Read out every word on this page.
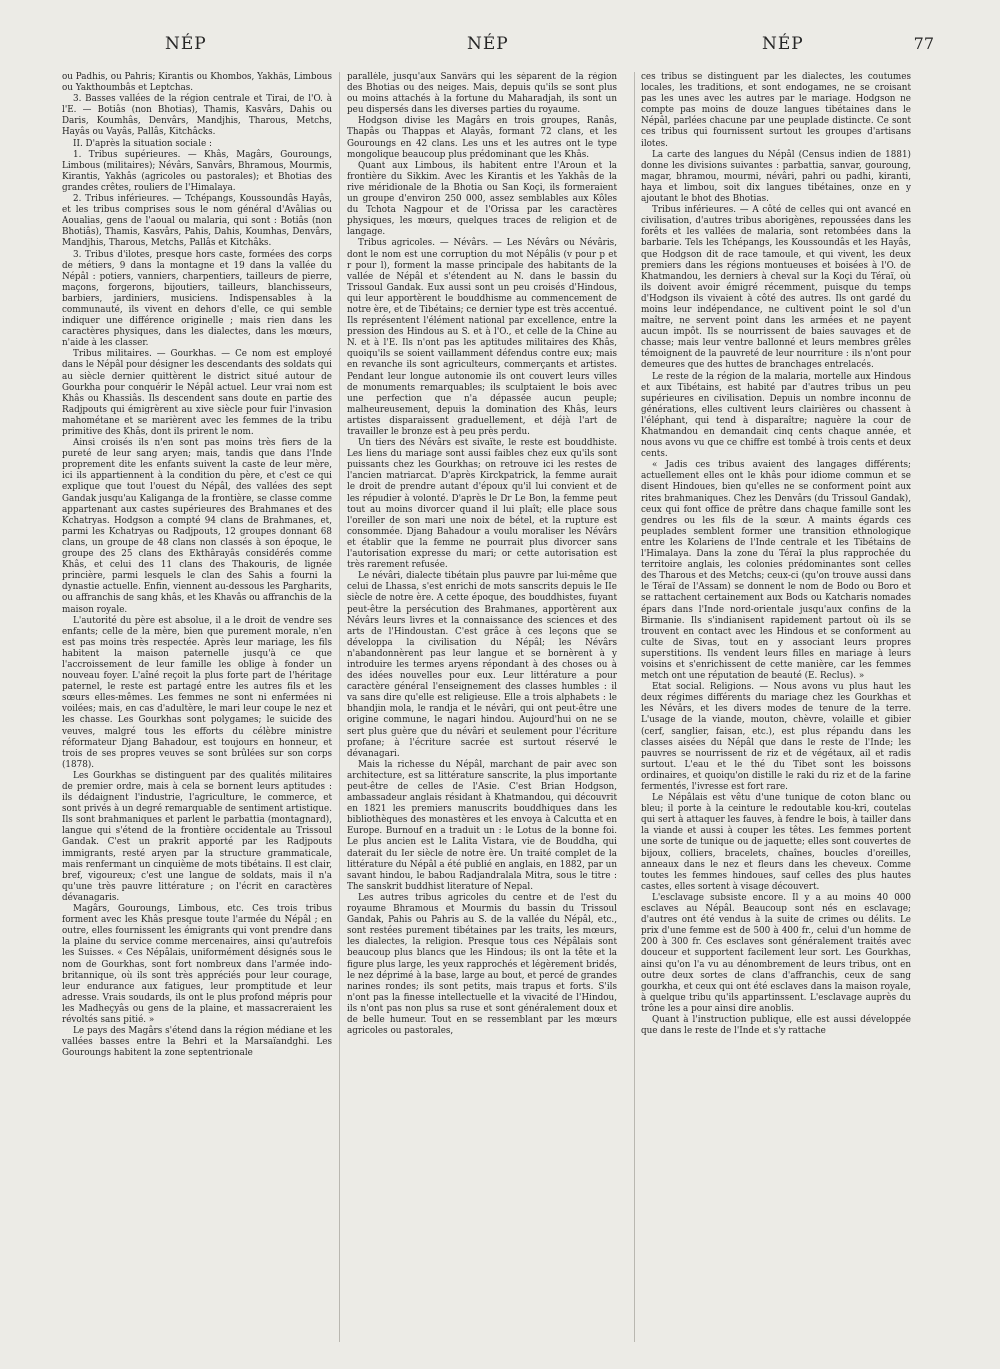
NÉP	NÉP	NÉP	77

ou Padhis, ou Pahris; Kirantis ou Khombos, Yakhâs, Limbous ou Yakthoumbâs et Leptchas.

3. Basses vallées de la région centrale et Tirai, de l'O. à l'E. — Botiâs (non Bhotias), Thamis, Kasvârs, Dahis ou Daris, Koumhâs, Denvârs, Mandjhis, Tharous, Metchs, Hayâs ou Vayâs, Pallâs, Kitchâcks.

II. D'après la situation sociale :

1. Tribus supérieures. — Khâs, Magârs, Gouroungs, Limbous (militaires); Névârs, Sanvârs, Bhramous, Mourmis, Kirantis, Yakhâs (agricoles ou pastorales); et Bhotias des grandes crêtes, rouliers de l'Himalaya.

2. Tribus inférieures. — Tchépangs, Koussoundâs Hayâs, et les tribus comprises sous le nom général d'Avâlias ou Aoualias, gens de l'aoual ou malaria, qui sont : Botiâs (non Bhotiâs), Thamis, Kasvârs, Pahis, Dahis, Koumhas, Denvârs, Mandjhis, Tharous, Metchs, Pallâs et Kitchâks.

3. Tribus d'ilotes, presque hors caste, formées des corps de métiers, 9 dans la montagne et 19 dans la vallée du Népâl : potiers, vanniers, charpentiers, tailleurs de pierre, maçons, forgerons, bijoutiers, tailleurs, blanchisseurs, barbiers, jardiniers, musiciens. Indispensables à la communauté, ils vivent en dehors d'elle, ce qui semble indiquer une différence originelle ; mais rien dans les caractères physiques, dans les dialectes, dans les mœurs, n'aide à les classer.

Tribus militaires. — Gourkhas. — Ce nom est employé dans le Népâl pour désigner les descendants des soldats qui au siècle dernier quittèrent le district situé autour de Gourkha pour conquérir le Népâl actuel. Leur vrai nom est Khâs ou Khassiâs. Ils descendent sans doute en partie des Radjpouts qui émigrèrent au xive siècle pour fuir l'invasion mahométane et se marièrent avec les femmes de la tribu primitive des Khâs, dont ils prirent le nom.

Ainsi croisés ils n'en sont pas moins très fiers de la pureté de leur sang aryen; mais, tandis que dans l'Inde proprement dite les enfants suivent la caste de leur mère, ici ils appartiennent à la condition du père, et c'est ce qui explique que tout l'ouest du Népâl, des vallées des sept Gandak jusqu'au Kaliganga de la frontière, se classe comme appartenant aux castes supérieures des Brahmanes et des Kchatryas. Hodgson a compté 94 clans de Brahmanes, et, parmi les Kchatryas ou Radjpouts, 12 groupes donnant 68 clans, un groupe de 48 clans non classés à son époque, le groupe des 25 clans des Ekthârayâs considérés comme Khâs, et celui des 11 clans des Thakouris, de lignée princière, parmi lesquels le clan des Sahis a fourni la dynastie actuelle. Enfin, viennent au-dessous les Pargharits, ou affranchis de sang khâs, et les Khavâs ou affranchis de la maison royale.

L'autorité du père est absolue, il a le droit de vendre ses enfants; celle de la mère, bien que purement morale, n'en est pas moins très respectée. Après leur mariage, les fils habitent la maison paternelle jusqu'à ce que l'accroissement de leur famille les oblige à fonder un nouveau foyer. L'aîné reçoit la plus forte part de l'héritage paternel, le reste est partagé entre les autres fils et les sœurs elles-mêmes. Les femmes ne sont ni enfermées ni voilées; mais, en cas d'adultère, le mari leur coupe le nez et les chasse. Les Gourkhas sont polygames; le suicide des veuves, malgré tous les efforts du célèbre ministre réformateur Djang Bahadour, est toujours en honneur, et trois de ses propres veuves se sont brûlées sur son corps (1878).

Les Gourkhas se distinguent par des qualités militaires de premier ordre, mais à cela se bornent leurs aptitudes : ils dédaignent l'industrie, l'agriculture, le commerce, et sont privés à un degré remarquable de sentiment artistique. Ils sont brahmaniques et parlent le parbattia (montagnard), langue qui s'étend de la frontière occidentale au Trissoul Gandak. C'est un prakrit apporté par les Radjpouts immigrants, resté aryen par la structure grammaticale, mais renfermant un cinquième de mots tibétains. Il est clair, bref, vigoureux; c'est une langue de soldats, mais il n'a qu'une très pauvre littérature ; on l'écrit en caractères dévanagaris.

Magârs, Gouroungs, Limbous, etc. Ces trois tribus forment avec les Khâs presque toute l'armée du Népâl ; en outre, elles fournissent les émigrants qui vont prendre dans la plaine du service comme mercenaires, ainsi qu'autrefois les Suisses. « Ces Népâlais, uniformément désignés sous le nom de Gourkhas, sont fort nombreux dans l'armée indo-britannique, où ils sont très appréciés pour leur courage, leur endurance aux fatigues, leur promptitude et leur adresse. Vrais soudards, ils ont le plus profond mépris pour les Madheçyâs ou gens de la plaine, et massacreraient les révoltés sans pitié. »

Le pays des Magârs s'étend dans la région médiane et les vallées basses entre la Behri et la Marsaïandghi. Les Gouroungs habitent la zone septentrionale

parallèle, jusqu'aux Sanvârs qui les séparent de la région des Bhotias ou des neiges. Mais, depuis qu'ils se sont plus ou moins attachés à la fortune du Maharadjah, ils sont un peu dispersés dans les diverses parties du royaume.

Hodgson divise les Magârs en trois groupes, Ranâs, Thapâs ou Thappas et Alayâs, formant 72 clans, et les Gouroungs en 42 clans. Les uns et les autres ont le type mongolique beaucoup plus prédominant que les Khâs.

Quant aux Limbous, ils habitent entre l'Aroun et la frontière du Sikkim. Avec les Kirantis et les Yakhâs de la rive méridionale de la Bhotia ou San Koçi, ils formeraient un groupe d'environ 250 000, assez semblables aux Kôles du Tchota Nagpour et de l'Orissa par les caractères physiques, les mœurs, quelques traces de religion et de langage.

Tribus agricoles. — Névârs. — Les Névârs ou Névâris, dont le nom est une corruption du mot Népâlis (v pour p et r pour l), forment la masse principale des habitants de la vallée de Népâl et s'étendent au N. dans le bassin du Trissoul Gandak. Eux aussi sont un peu croisés d'Hindous, qui leur apportèrent le bouddhisme au commencement de notre ère, et de Tibétains; ce dernier type est très accentué. Ils représentent l'élément national par excellence, entre la pression des Hindous au S. et à l'O., et celle de la Chine au N. et à l'E. Ils n'ont pas les aptitudes militaires des Khâs, quoiqu'ils se soient vaillamment défendus contre eux; mais en revanche ils sont agriculteurs, commerçants et artistes. Pendant leur longue autonomie ils ont couvert leurs villes de monuments remarquables; ils sculptaient le bois avec une perfection que n'a dépassée aucun peuple; malheureusement, depuis la domination des Khâs, leurs artistes disparaissent graduellement, et déjà l'art de travailler le bronze est à peu près perdu.

Un tiers des Névârs est sivaïte, le reste est bouddhiste. Les liens du mariage sont aussi faibles chez eux qu'ils sont puissants chez les Gourkhas; on retrouve ici les restes de l'ancien matriarcat. D'après Kirckpatrick, la femme aurait le droit de prendre autant d'époux qu'il lui convient et de les répudier à volonté. D'après le Dr Le Bon, la femme peut tout au moins divorcer quand il lui plaît; elle place sous l'oreiller de son mari une noix de bétel, et la rupture est consommée. Djang Bahadour a voulu moraliser les Névârs et établir que la femme ne pourrait plus divorcer sans l'autorisation expresse du mari; or cette autorisation est très rarement refusée.

Le névâri, dialecte tibétain plus pauvre par lui-même que celui de Lhassa, s'est enrichi de mots sanscrits depuis le IIe siècle de notre ère. A cette époque, des bouddhistes, fuyant peut-être la persécution des Brahmanes, apportèrent aux Névârs leurs livres et la connaissance des sciences et des arts de l'Hindoustan. C'est grâce à ces leçons que se développa la civilisation du Népâl; les Névârs n'abandonnèrent pas leur langue et se bornèrent à y introduire les termes aryens répondant à des choses ou à des idées nouvelles pour eux. Leur littérature a pour caractère général l'enseignement des classes humbles : il va sans dire qu'elle est religieuse. Elle a trois alphabets : le bhandjin mola, le randja et le névâri, qui ont peut-être une origine commune, le nagari hindou. Aujourd'hui on ne se sert plus guère que du névâri et seulement pour l'écriture profane; à l'écriture sacrée est surtout réservé le dévanagari.

Mais la richesse du Népâl, marchant de pair avec son architecture, est sa littérature sanscrite, la plus importante peut-être de celles de l'Asie. C'est Brian Hodgson, ambassadeur anglais résidant à Khatmandou, qui découvrit en 1821 les premiers manuscrits bouddhiques dans les bibliothèques des monastères et les envoya à Calcutta et en Europe. Burnouf en a traduit un : le Lotus de la bonne foi. Le plus ancien est le Lalita Vistara, vie de Bouddha, qui daterait du Ier siècle de notre ère. Un traité complet de la littérature du Népâl a été publié en anglais, en 1882, par un savant hindou, le babou Radjandralala Mitra, sous le titre : The sanskrit buddhist literature of Nepal.

Les autres tribus agricoles du centre et de l'est du royaume Bhramous et Mourmis du bassin du Trissoul Gandak, Pahis ou Pahris au S. de la vallée du Népâl, etc., sont restées purement tibétaines par les traits, les mœurs, les dialectes, la religion. Presque tous ces Népâlais sont beaucoup plus blancs que les Hindous; ils ont la tête et la figure plus large, les yeux rapprochés et légèrement bridés, le nez déprimé à la base, large au bout, et percé de grandes narines rondes; ils sont petits, mais trapus et forts. S'ils n'ont pas la finesse intellectuelle et la vivacité de l'Hindou, ils n'ont pas non plus sa ruse et sont généralement doux et de belle humeur. Tout en se ressemblant par les mœurs agricoles ou pastorales,

ces tribus se distinguent par les dialectes, les coutumes locales, les traditions, et sont endogames, ne se croisant pas les unes avec les autres par le mariage. Hodgson ne compte pas moins de douze langues tibétaines dans le Népâl, parlées chacune par une peuplade distincte. Ce sont ces tribus qui fournissent surtout les groupes d'artisans ilotes.

La carte des langues du Népâl (Census indien de 1881) donne les divisions suivantes : parbattia, sanvar, gouroung, magar, bhramou, mourmi, névâri, pahri ou padhi, kiranti, haya et limbou, soit dix langues tibétaines, onze en y ajoutant le bhot des Bhotias.

Tribus inférieures. — A côté de celles qui ont avancé en civilisation, d'autres tribus aborigènes, repoussées dans les forêts et les vallées de malaria, sont retombées dans la barbarie. Tels les Tchépangs, les Koussoundâs et les Hayâs, que Hodgson dit de race tamoule, et qui vivent, les deux premiers dans les régions montueuses et boisées à l'O. de Khatmandou, les derniers à cheval sur la Koçi du Téraï, où ils doivent avoir émigré récemment, puisque du temps d'Hodgson ils vivaient à côté des autres. Ils ont gardé du moins leur indépendance, ne cultivent point le sol d'un maître, ne servent point dans les armées et ne payent aucun impôt. Ils se nourrissent de baies sauvages et de chasse; mais leur ventre ballonné et leurs membres grêles témoignent de la pauvreté de leur nourriture : ils n'ont pour demeures que des huttes de branchages entrelacés.

Le reste de la région de la malaria, mortelle aux Hindous et aux Tibétains, est habité par d'autres tribus un peu supérieures en civilisation. Depuis un nombre inconnu de générations, elles cultivent leurs clairières ou chassent à l'éléphant, qui tend à disparaître; naguère la cour de Khatmandou en demandait cinq cents chaque année, et nous avons vu que ce chiffre est tombé à trois cents et deux cents.

« Jadis ces tribus avaient des langages différents; actuellement elles ont le khâs pour idiome commun et se disent Hindoues, bien qu'elles ne se conforment point aux rites brahmaniques. Chez les Denvârs (du Trissoul Gandak), ceux qui font office de prêtre dans chaque famille sont les gendres ou les fils de la sœur. A maints égards ces peuplades semblent former une transition ethnologique entre les Kolariens de l'Inde centrale et les Tibétains de l'Himalaya. Dans la zone du Téraï la plus rapprochée du territoire anglais, les colonies prédominantes sont celles des Tharous et des Metchs; ceux-ci (qu'on trouve aussi dans le Téraï de l'Assam) se donnent le nom de Bodo ou Boro et se rattachent certainement aux Bods ou Katcharis nomades épars dans l'Inde nord-orientale jusqu'aux confins de la Birmanie. Ils s'indianisent rapidement partout où ils se trouvent en contact avec les Hindous et se conforment au culte de Sivas, tout en y associant leurs propres superstitions. Ils vendent leurs filles en mariage à leurs voisins et s'enrichissent de cette manière, car les femmes metch ont une réputation de beauté (E. Reclus). »

Etat social. Religions. — Nous avons vu plus haut les deux régimes différents du mariage chez les Gourkhas et les Névârs, et les divers modes de tenure de la terre. L'usage de la viande, mouton, chèvre, volaille et gibier (cerf, sanglier, faisan, etc.), est plus répandu dans les classes aisées du Népâl que dans le reste de l'Inde; les pauvres se nourrissent de riz et de végétaux, ail et radis surtout. L'eau et le thé du Tibet sont les boissons ordinaires, et quoiqu'on distille le raki du riz et de la farine fermentés, l'ivresse est fort rare.

Le Népâlais est vêtu d'une tunique de coton blanc ou bleu; il porte à la ceinture le redoutable kou-kri, coutelas qui sert à attaquer les fauves, à fendre le bois, à tailler dans la viande et aussi à couper les têtes. Les femmes portent une sorte de tunique ou de jaquette; elles sont couvertes de bijoux, colliers, bracelets, chaînes, boucles d'oreilles, anneaux dans le nez et fleurs dans les cheveux. Comme toutes les femmes hindoues, sauf celles des plus hautes castes, elles sortent à visage découvert.

L'esclavage subsiste encore. Il y a au moins 40 000 esclaves au Népâl. Beaucoup sont nés en esclavage; d'autres ont été vendus à la suite de crimes ou délits. Le prix d'une femme est de 500 à 400 fr., celui d'un homme de 200 à 300 fr. Ces esclaves sont généralement traités avec douceur et supportent facilement leur sort. Les Gourkhas, ainsi qu'on l'a vu au dénombrement de leurs tribus, ont en outre deux sortes de clans d'affranchis, ceux de sang gourkha, et ceux qui ont été esclaves dans la maison royale, à quelque tribu qu'ils appartinssent. L'esclavage auprès du trône les a pour ainsi dire anoblis.

Quant à l'instruction publique, elle est aussi développée que dans le reste de l'Inde et s'y rattache
